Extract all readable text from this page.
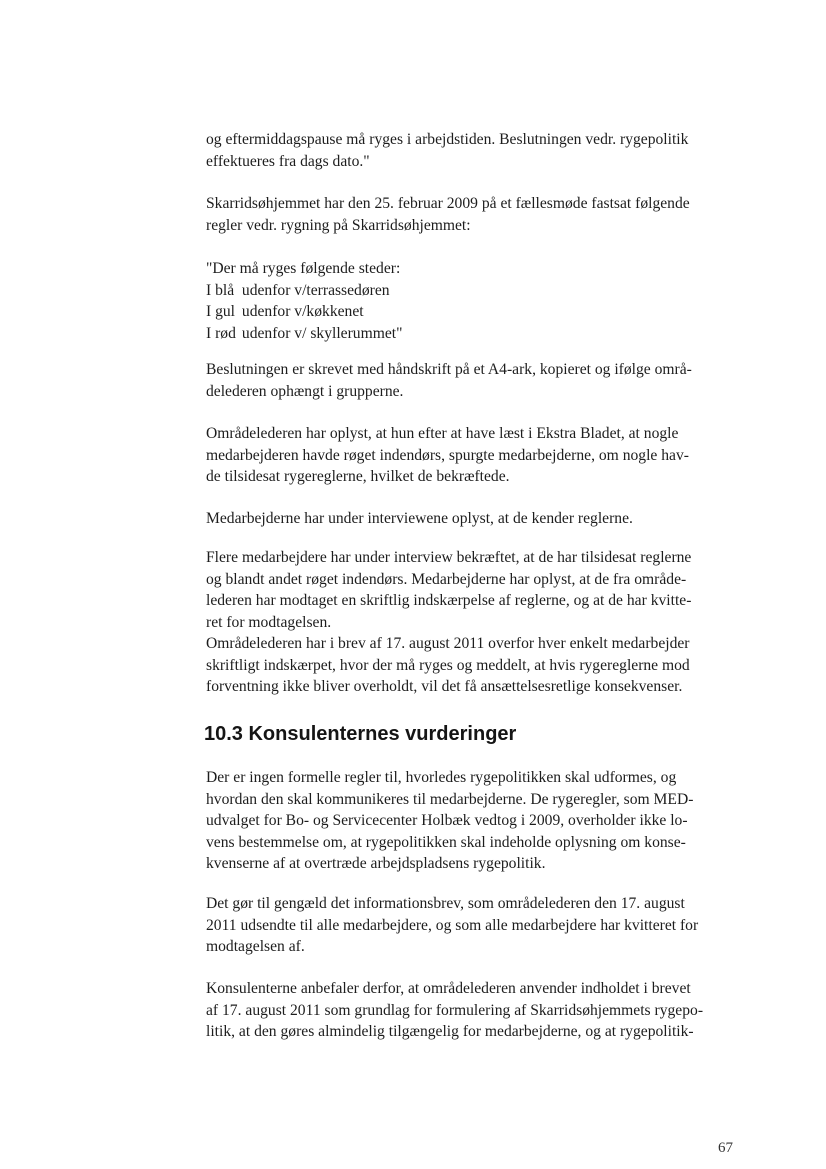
og eftermiddagspause må ryges i arbejdstiden. Beslutningen vedr. rygepolitik
effektueres fra dags dato."

Skarridsøhjemmet har den 25. februar 2009 på et fællesmøde fastsat følgende
regler vedr. rygning på Skarridsøhjemmet:

"Der må ryges følgende steder:
I blå udenfor v/terrassedøren
I gul udenfor v/køkkenet
I rød udenfor v/ skyllerummet"

Beslutningen er skrevet med håndskrift på et A4-ark, kopieret og ifølge områ-
delederen ophængt i grupperne.

Områdelederen har oplyst, at hun efter at have læst i Ekstra Bladet, at nogle
medarbejderen havde røget indendørs, spurgte medarbejderne, om nogle hav-
de tilsidesat rygereglerne, hvilket de bekræftede.

Medarbejderne har under interviewene oplyst, at de kender reglerne.

Flere medarbejdere har under interview bekræftet, at de har tilsidesat reglerne
og blandt andet røget indendørs. Medarbejderne har oplyst, at de fra område-
lederen har modtaget en skriftlig indskærpelse af reglerne, og at de har kvitte-
ret for modtagelsen.
Områdelederen har i brev af 17. august 2011 overfor hver enkelt medarbejder
skriftligt indskærpet, hvor der må ryges og meddelt, at hvis rygereglerne mod
forventning ikke bliver overholdt, vil det få ansættelsesretlige konsekvenser.

10.3 Konsulenternes vurderinger

Der er ingen formelle regler til, hvorledes rygepolitikken skal udformes, og
hvordan den skal kommunikeres til medarbejderne. De rygeregler, som MED-
udvalget for Bo- og Servicecenter Holbæk vedtog i 2009, overholder ikke lo-
vens bestemmelse om, at rygepolitikken skal indeholde oplysning om konse-
kvenserne af at overtræde arbejdspladsens rygepolitik.

Det gør til gengæld det informationsbrev, som områdelederen den 17. august
2011 udsendte til alle medarbejdere, og som alle medarbejdere har kvitteret for
modtagelsen af.

Konsulenterne anbefaler derfor, at områdelederen anvender indholdet i brevet
af 17. august 2011 som grundlag for formulering af Skarridsøhjemmets rygepo-
litik, at den gøres almindelig tilgængelig for medarbejderne, og at rygepolitik-

67
